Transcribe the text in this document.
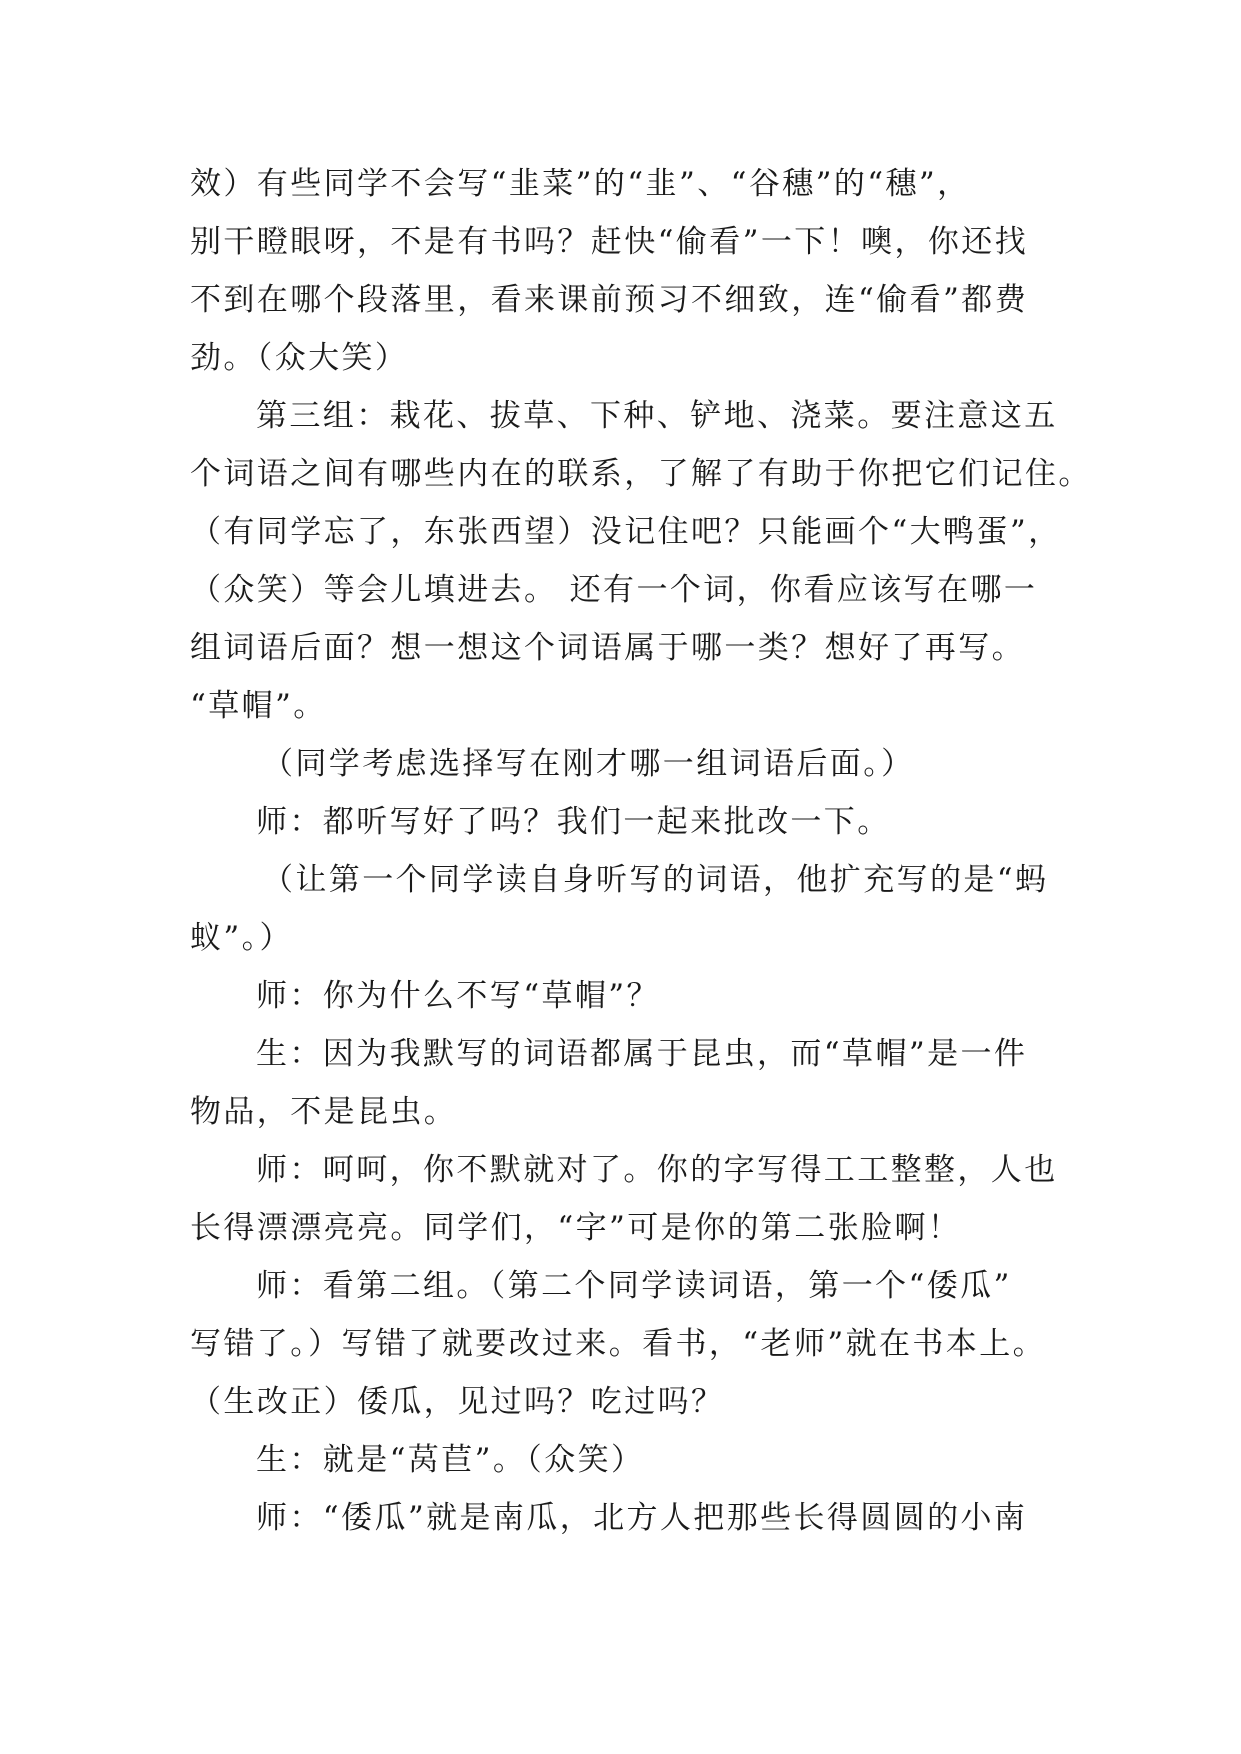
效）有些同学不会写“韭菜”的“韭”、“谷穗”的“穗”，
别干瞪眼呀，不是有书吗？赶快“偷看”一下！噢，你还找
不到在哪个段落里，看来课前预习不细致，连“偷看”都费
劲。（众大笑）
第三组：栽花、拔草、下种、铲地、浇菜。要注意这五
个词语之间有哪些内在的联系，了解了有助于你把它们记住。
（有同学忘了，东张西望）没记住吧？只能画个“大鸭蛋”，
（众笑）等会儿填进去。 还有一个词，你看应该写在哪一
组词语后面？想一想这个词语属于哪一类？想好了再写。
“草帽”。
（同学考虑选择写在刚才哪一组词语后面。）
师：都听写好了吗？我们一起来批改一下。
（让第一个同学读自身听写的词语，他扩充写的是“蚂
蚁”。）
师：你为什么不写“草帽”？
生：因为我默写的词语都属于昆虫，而“草帽”是一件
物品，不是昆虫。
师：呵呵，你不默就对了。你的字写得工工整整，人也
长得漂漂亮亮。同学们，“字”可是你的第二张脸啊！
师：看第二组。（第二个同学读词语，第一个“倭瓜”
写错了。）写错了就要改过来。看书，“老师”就在书本上。
（生改正）倭瓜，见过吗？吃过吗？
生：就是“莴苣”。（众笑）
师：“倭瓜”就是南瓜，北方人把那些长得圆圆的小南
